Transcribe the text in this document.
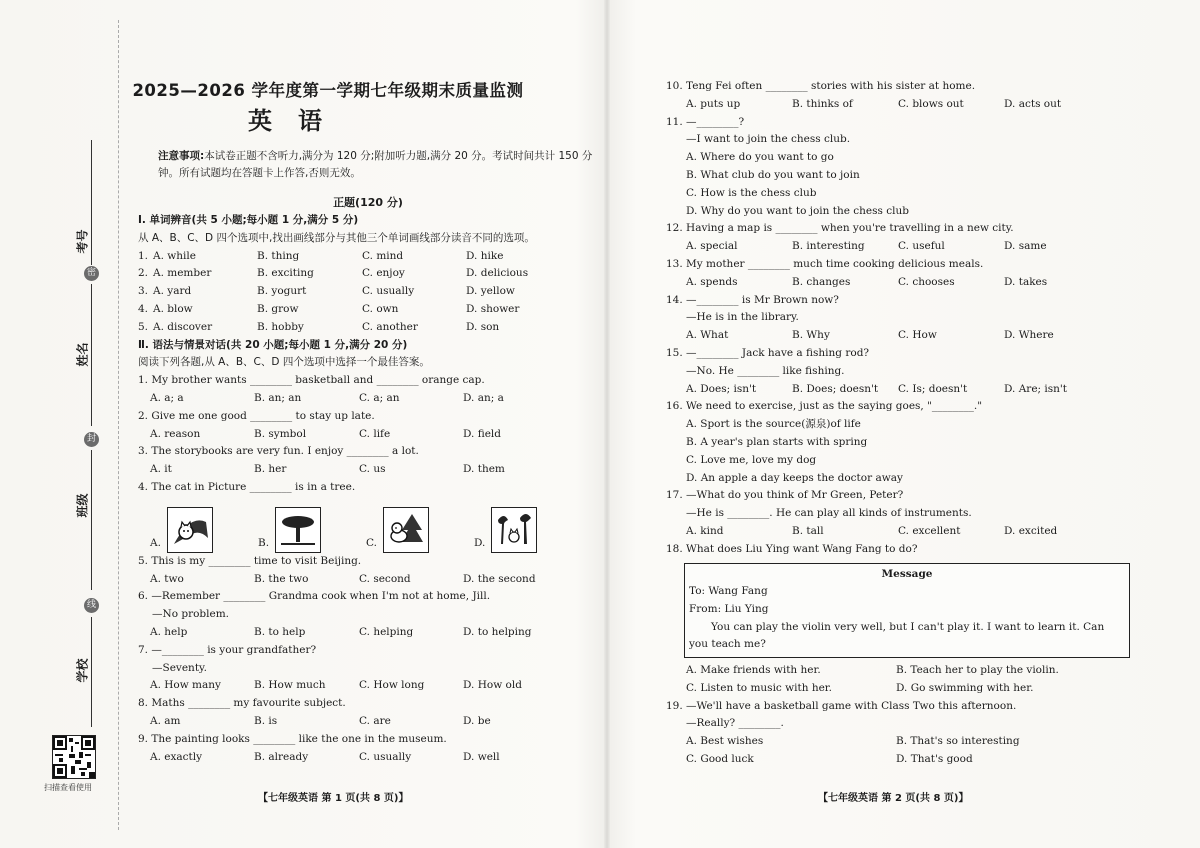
考号
密
姓名
封
班级
线
学校
扫描查看使用
2025—2026 学年度第一学期七年级期末质量监测
英语
注意事项:本试卷正题不含听力,满分为 120 分;附加听力题,满分 20 分。考试时间共计 150 分钟。所有试题均在答题卡上作答,否则无效。
正题(120 分)
Ⅰ. 单词辨音(共 5 小题;每小题 1 分,满分 5 分)
从 A、B、C、D 四个选项中,找出画线部分与其他三个单词画线部分读音不同的选项。
1. A. while	B. thing	C. mind	D. hike
2. A. member	B. exciting	C. enjoy	D. delicious
3. A. yard	B. yogurt	C. usually	D. yellow
4. A. blow	B. grow	C. own	D. shower
5. A. discover	B. hobby	C. another	D. son
Ⅱ. 语法与情景对话(共 20 小题;每小题 1 分,满分 20 分)
阅读下列各题,从 A、B、C、D 四个选项中选择一个最佳答案。
1. My brother wants ________ basketball and ________ orange cap.
A. a; a	B. an; an	C. a; an	D. an; a
2. Give me one good ________ to stay up late.
A. reason	B. symbol	C. life	D. field
3. The storybooks are very fun. I enjoy ________ a lot.
A. it	B. her	C. us	D. them
4. The cat in Picture ________ is in a tree.
A.	B.	C.	D.
5. This is my ________ time to visit Beijing.
A. two	B. the two	C. second	D. the second
6. —Remember ________ Grandma cook when I'm not at home, Jill.
—No problem.
A. help	B. to help	C. helping	D. to helping
7. —________ is your grandfather?
—Seventy.
A. How many	B. How much	C. How long	D. How old
8. Maths ________ my favourite subject.
A. am	B. is	C. are	D. be
9. The painting looks ________ like the one in the museum.
A. exactly	B. already	C. usually	D. well
10. Teng Fei often ________ stories with his sister at home.
A. puts up	B. thinks of	C. blows out	D. acts out
11. —________?
—I want to join the chess club.
A. Where do you want to go
B. What club do you want to join
C. How is the chess club
D. Why do you want to join the chess club
12. Having a map is ________ when you're travelling in a new city.
A. special	B. interesting	C. useful	D. same
13. My mother ________ much time cooking delicious meals.
A. spends	B. changes	C. chooses	D. takes
14. —________ is Mr Brown now?
—He is in the library.
A. What	B. Why	C. How	D. Where
15. —________ Jack have a fishing rod?
—No. He ________ like fishing.
A. Does; isn't	B. Does; doesn't	C. Is; doesn't	D. Are; isn't
16. We need to exercise, just as the saying goes, "________."
A. Sport is the source(源泉)of life
B. A year's plan starts with spring
C. Love me, love my dog
D. An apple a day keeps the doctor away
17. —What do you think of Mr Green, Peter?
—He is ________. He can play all kinds of instruments.
A. kind	B. tall	C. excellent	D. excited
18. What does Liu Ying want Wang Fang to do?
Message
To: Wang Fang
From: Liu Ying
You can play the violin very well, but I can't play it. I want to learn it. Can you teach me?
A. Make friends with her.	B. Teach her to play the violin.
C. Listen to music with her.	D. Go swimming with her.
19. —We'll have a basketball game with Class Two this afternoon.
—Really? ________.
A. Best wishes	B. That's so interesting
C. Good luck	D. That's good
【七年级英语 第 1 页(共 8 页)】	【七年级英语 第 2 页(共 8 页)】
